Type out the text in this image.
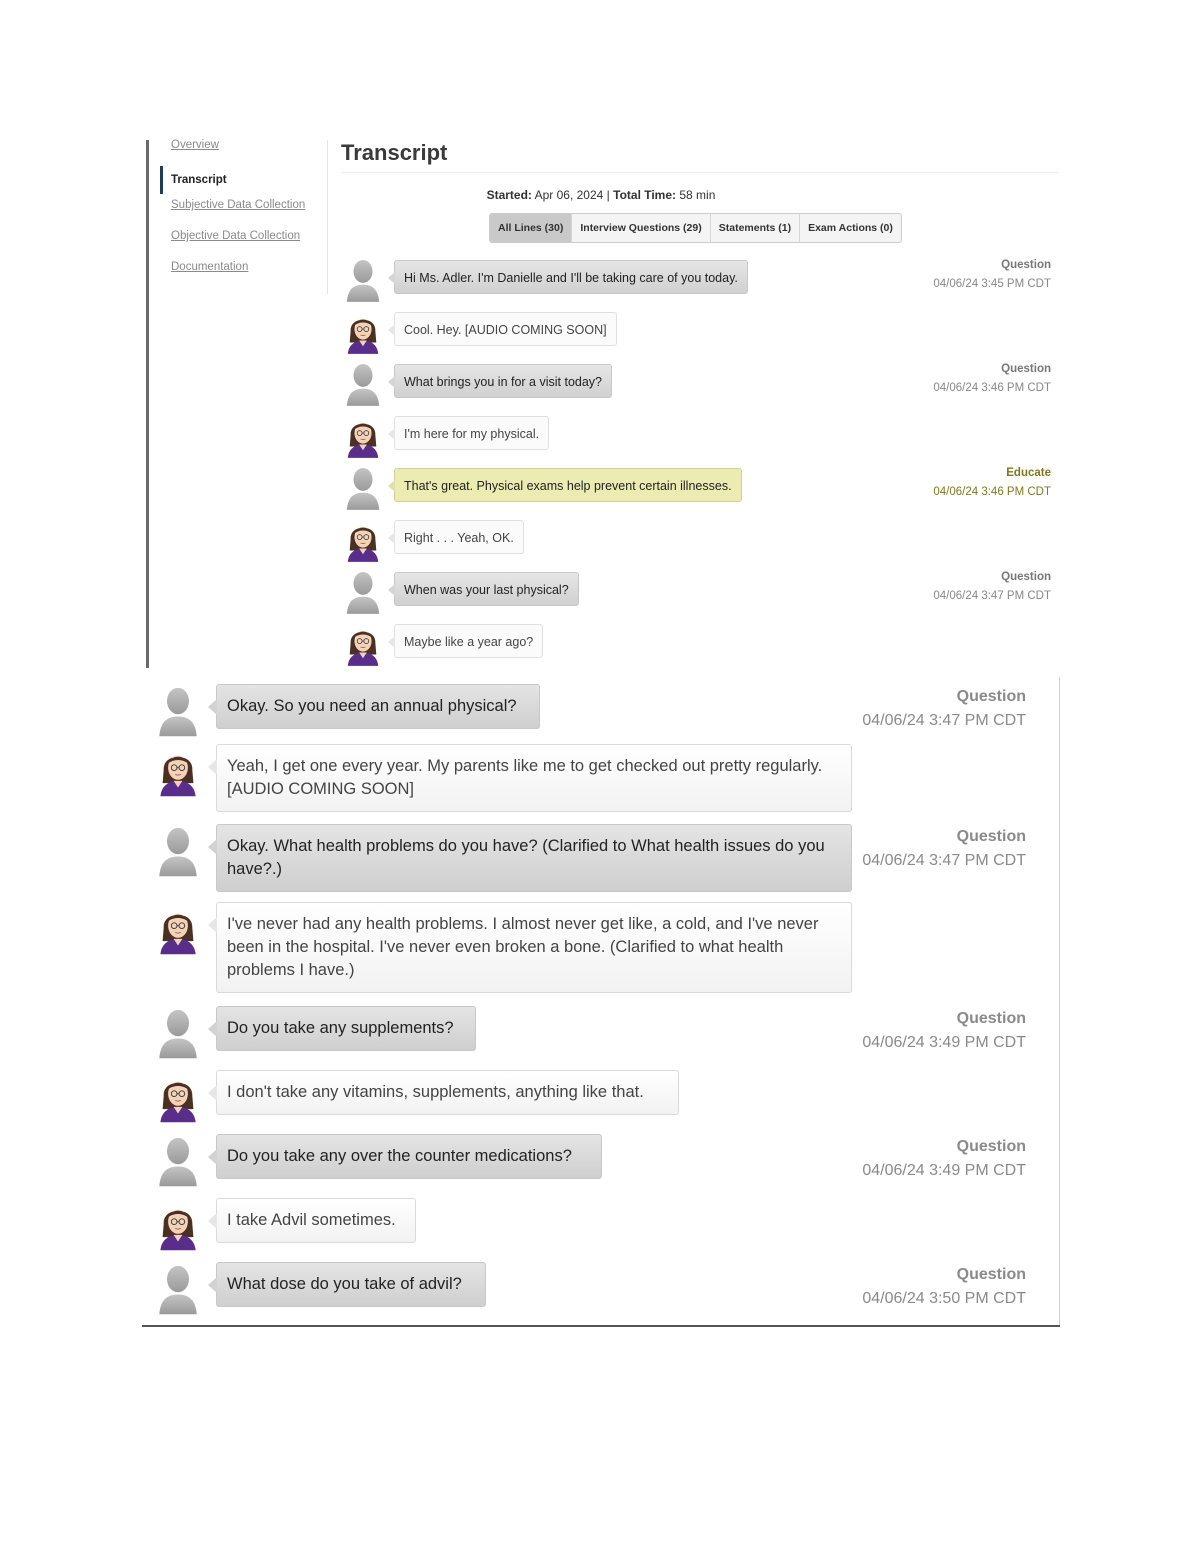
Overview
Transcript
Subjective Data Collection
Objective Data Collection
Documentation
Transcript
Started: Apr 06, 2024 | Total Time: 58 min
All Lines (30)	Interview Questions (29)	Statements (1)	Exam Actions (0)
Hi Ms. Adler. I'm Danielle and I'll be taking care of you today.
Question
04/06/24 3:45 PM CDT
Cool. Hey. [AUDIO COMING SOON]
What brings you in for a visit today?
Question
04/06/24 3:46 PM CDT
I'm here for my physical.
That's great. Physical exams help prevent certain illnesses.
Educate
04/06/24 3:46 PM CDT
Right . . . Yeah, OK.
When was your last physical?
Question
04/06/24 3:47 PM CDT
Maybe like a year ago?
Okay. So you need an annual physical?
Question
04/06/24 3:47 PM CDT
Yeah, I get one every year. My parents like me to get checked out pretty regularly. [AUDIO COMING SOON]
Okay. What health problems do you have? (Clarified to What health issues do you have?.)
Question
04/06/24 3:47 PM CDT
I've never had any health problems. I almost never get like, a cold, and I've never been in the hospital. I've never even broken a bone. (Clarified to what health problems I have.)
Do you take any supplements?
Question
04/06/24 3:49 PM CDT
I don't take any vitamins, supplements, anything like that.
Do you take any over the counter medications?
Question
04/06/24 3:49 PM CDT
I take Advil sometimes.
What dose do you take of advil?
Question
04/06/24 3:50 PM CDT
